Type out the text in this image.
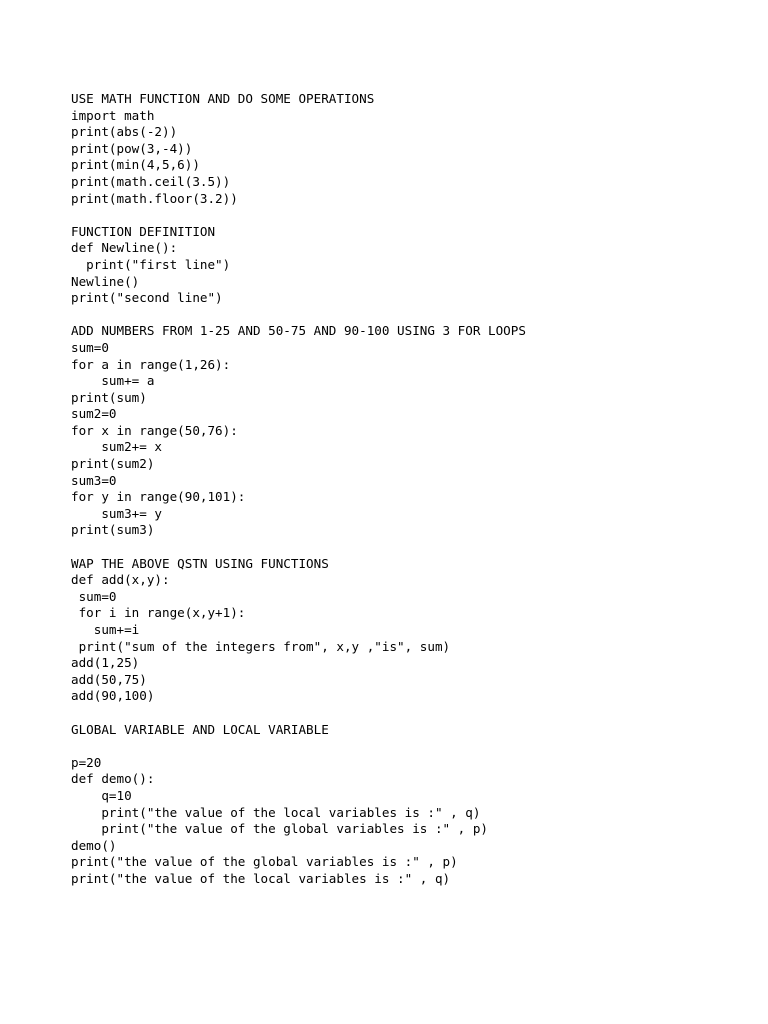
USE MATH FUNCTION AND DO SOME OPERATIONS
import math
print(abs(-2))
print(pow(3,-4))
print(min(4,5,6))
print(math.ceil(3.5))
print(math.floor(3.2))
FUNCTION DEFINITION
def Newline():
print("first line")
Newline()
print("second line")
ADD NUMBERS FROM 1-25 AND 50-75 AND 90-100 USING 3 FOR LOOPS
sum=0
for a in range(1,26):
sum+= a
print(sum)
sum2=0
for x in range(50,76):
sum2+= x
print(sum2)
sum3=0
for y in range(90,101):
sum3+= y
print(sum3)
WAP THE ABOVE QSTN USING FUNCTIONS
def add(x,y):
sum=0
for i in range(x,y+1):
sum+=i
print("sum of the integers from", x,y ,"is", sum)
add(1,25)
add(50,75)
add(90,100)
GLOBAL VARIABLE AND LOCAL VARIABLE
p=20
def demo():
q=10
print("the value of the local variables is :" , q)
print("the value of the global variables is :" , p)
demo()
print("the value of the global variables is :" , p)
print("the value of the local variables is :" , q)
